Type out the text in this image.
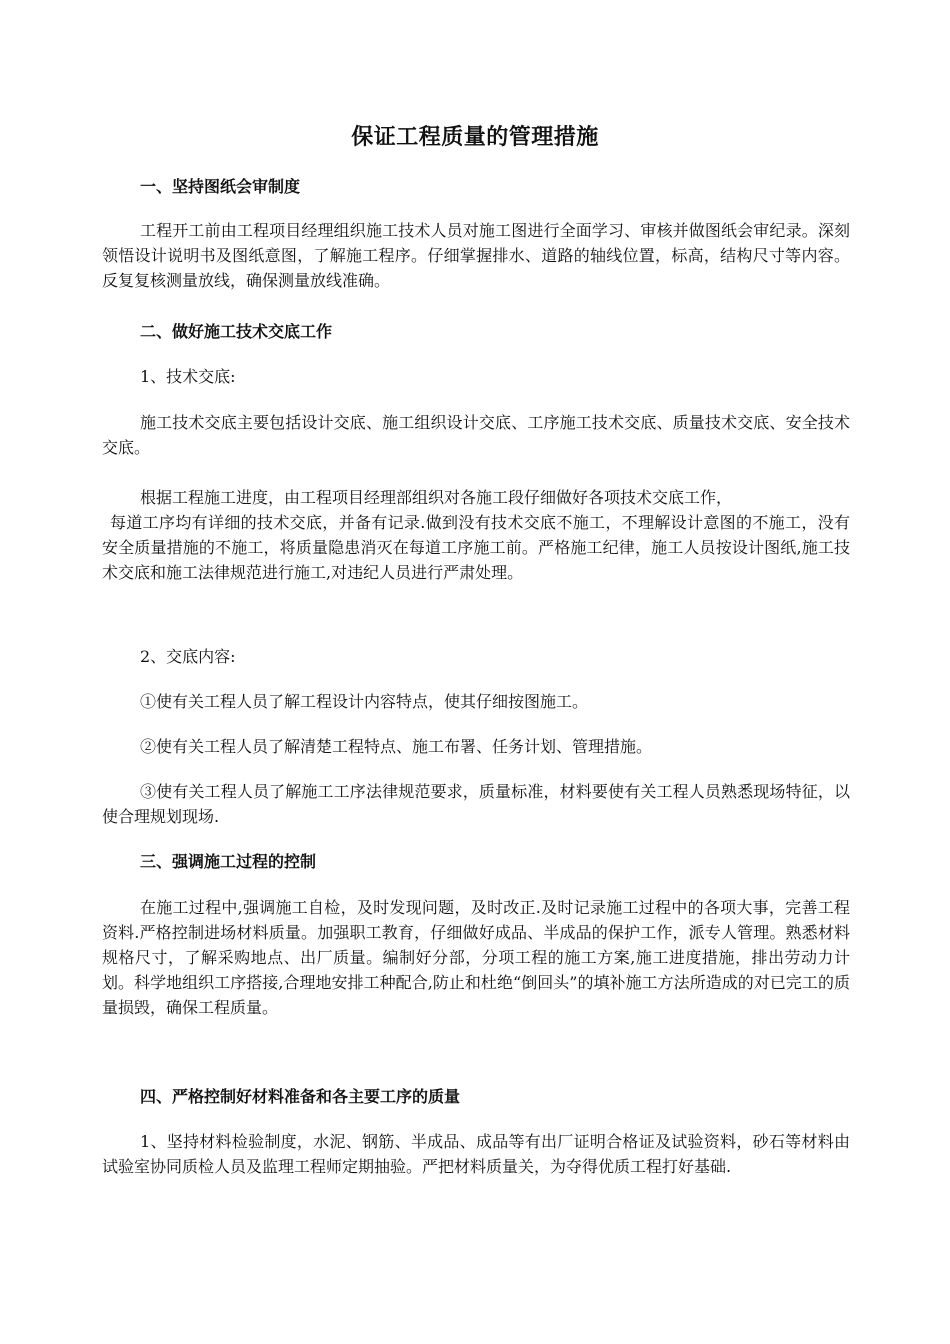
保证工程质量的管理措施
一、坚持图纸会审制度
工程开工前由工程项目经理组织施工技术人员对施工图进行全面学习、审核并做图纸会审纪录。深刻领悟设计说明书及图纸意图，了解施工程序。仔细掌握排水、道路的轴线位置，标高，结构尺寸等内容。反复复核测量放线，确保测量放线准确。
二、做好施工技术交底工作
1、技术交底:
施工技术交底主要包括设计交底、施工组织设计交底、工序施工技术交底、质量技术交底、安全技术交底。
根据工程施工进度，由工程项目经理部组织对各施工段仔细做好各项技术交底工作，
每道工序均有详细的技术交底，并备有记录.做到没有技术交底不施工，不理解设计意图的不施工，没有安全质量措施的不施工，将质量隐患消灭在每道工序施工前。严格施工纪律，施工人员按设计图纸,施工技术交底和施工法律规范进行施工,对违纪人员进行严肃处理。
2、交底内容:
①使有关工程人员了解工程设计内容特点，使其仔细按图施工。
②使有关工程人员了解清楚工程特点、施工布署、任务计划、管理措施。
③使有关工程人员了解施工工序法律规范要求，质量标准，材料要使有关工程人员熟悉现场特征，以使合理规划现场.
三、强调施工过程的控制
在施工过程中,强调施工自检，及时发现问题，及时改正.及时记录施工过程中的各项大事，完善工程资料.严格控制进场材料质量。加强职工教育，仔细做好成品、半成品的保护工作，派专人管理。熟悉材料规格尺寸，了解采购地点、出厂质量。编制好分部，分项工程的施工方案,施工进度措施，排出劳动力计划。科学地组织工序搭接,合理地安排工种配合,防止和杜绝“倒回头”的填补施工方法所造成的对已完工的质量损毁，确保工程质量。
四、严格控制好材料准备和各主要工序的质量
1、坚持材料检验制度，水泥、钢筋、半成品、成品等有出厂证明合格证及试验资料，砂石等材料由试验室协同质检人员及监理工程师定期抽验。严把材料质量关，为夺得优质工程打好基础.
